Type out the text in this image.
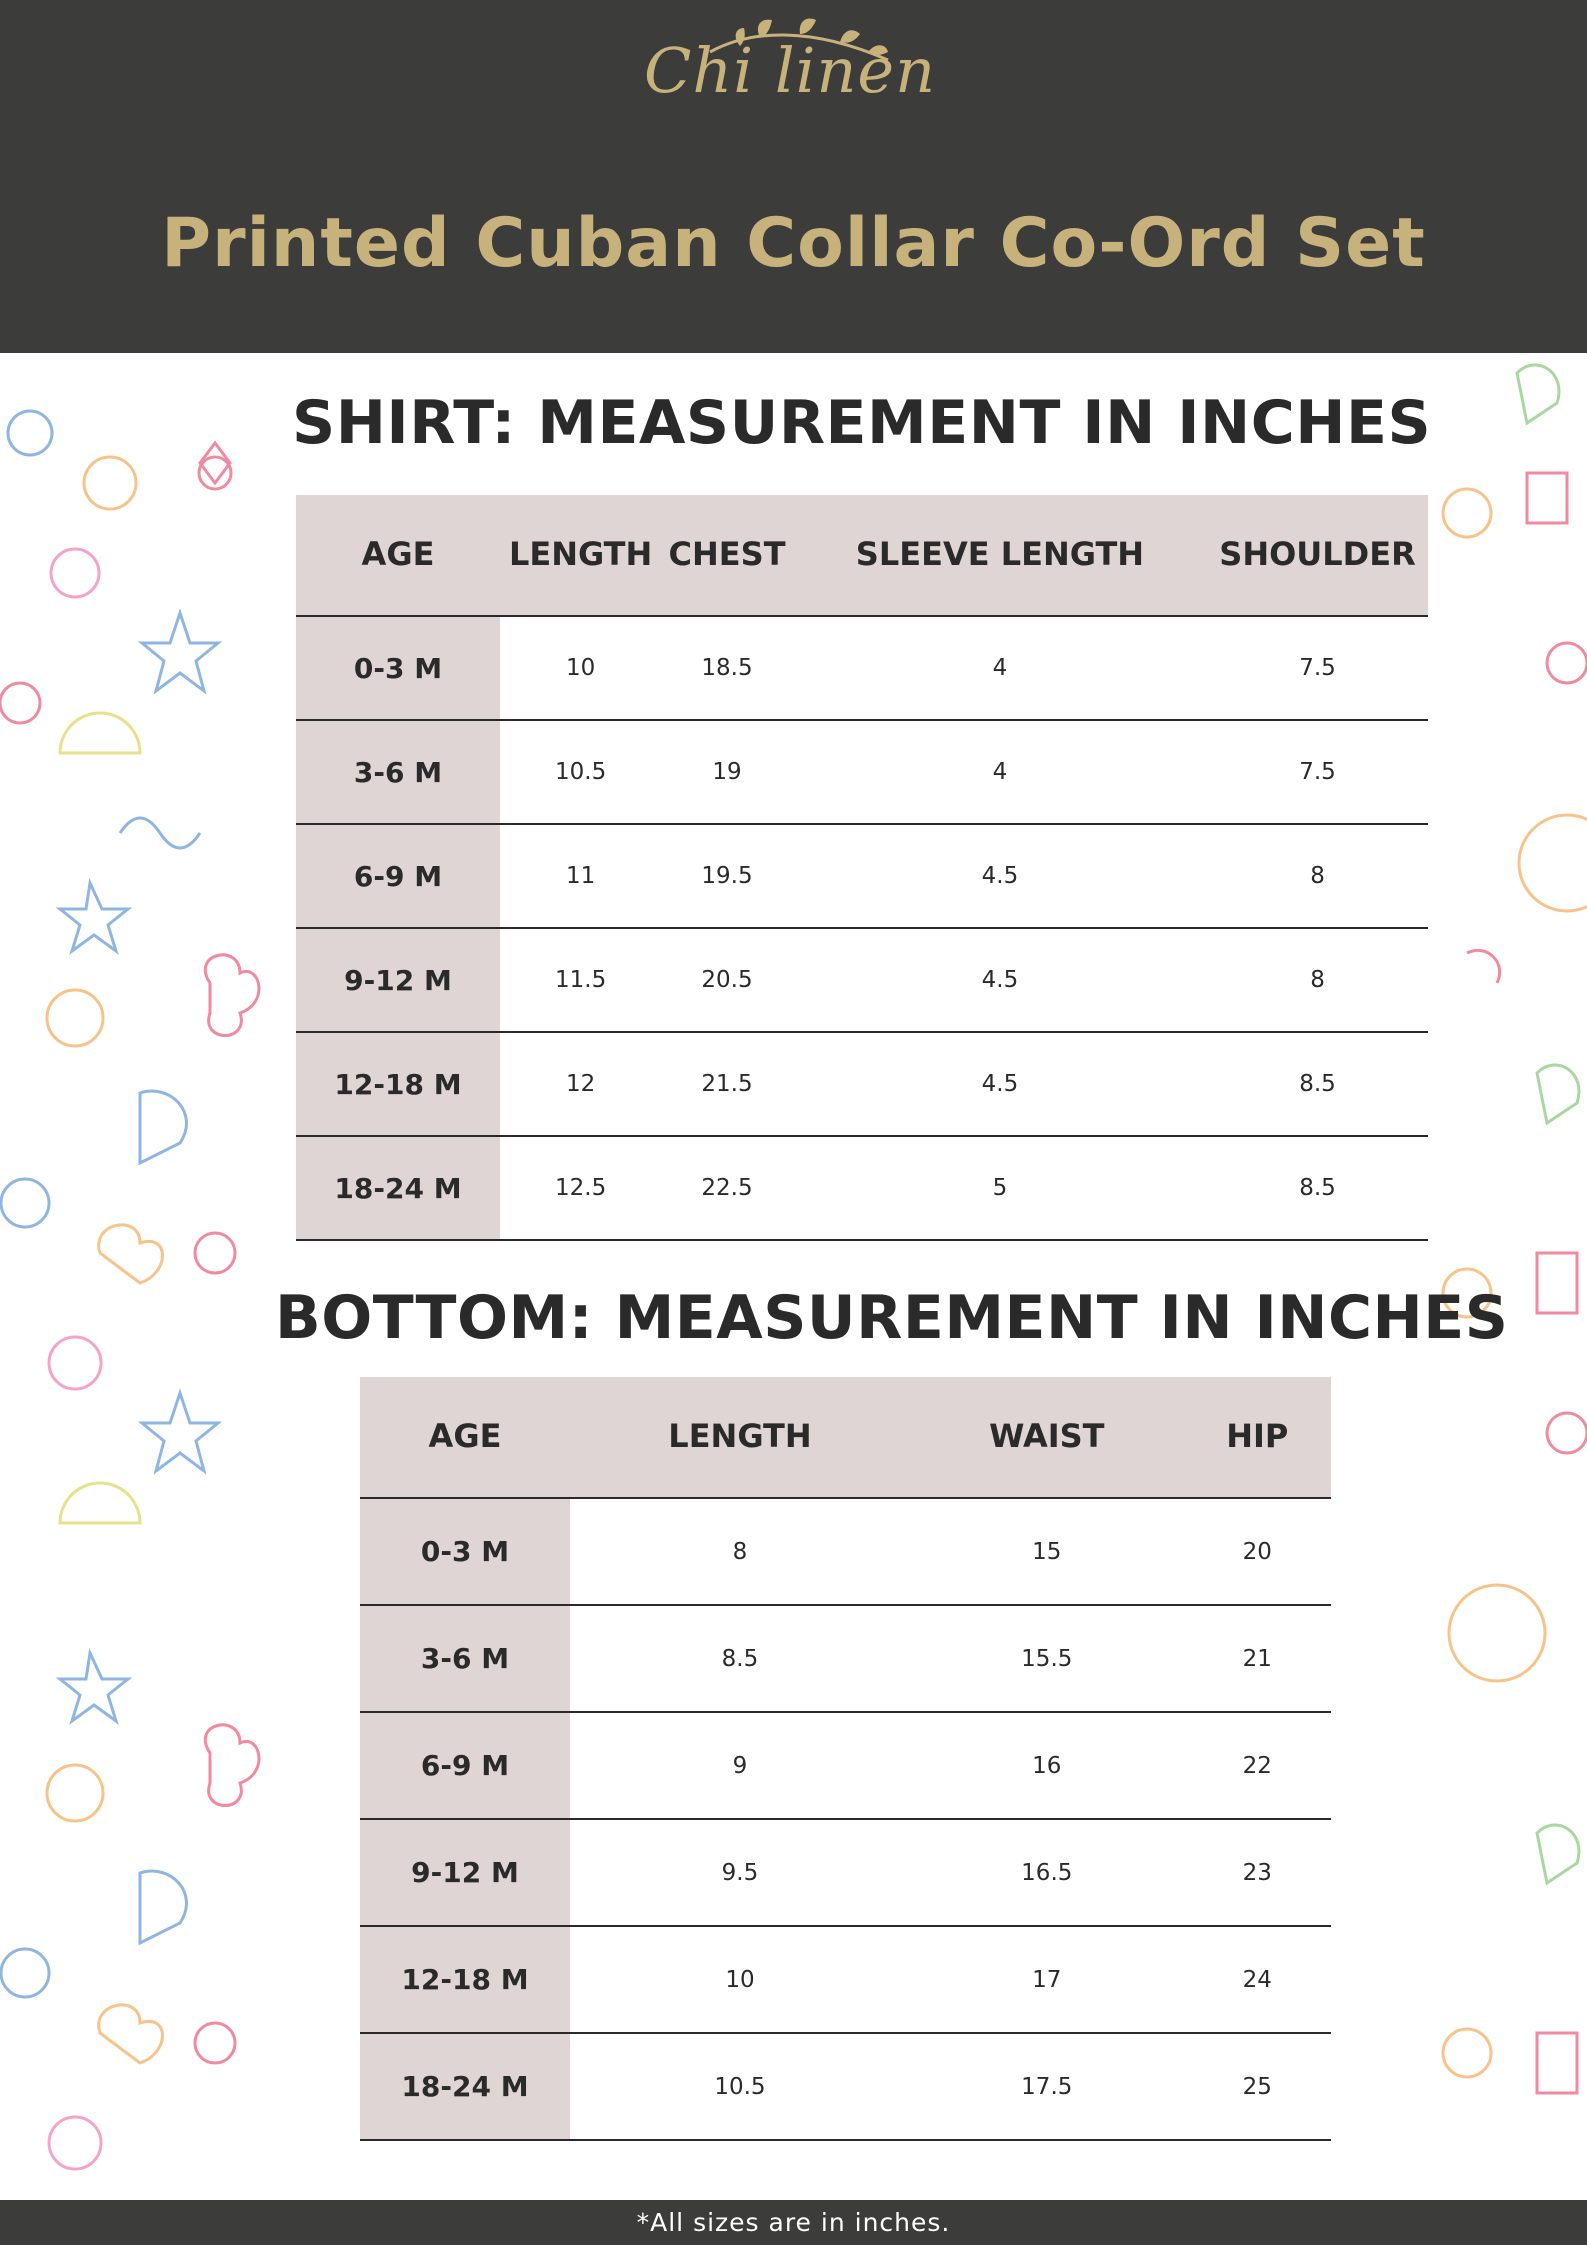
Chi linen
Printed Cuban Collar Co-Ord Set
SHIRT: MEASUREMENT IN INCHES
AGE	LENGTH	CHEST	SLEEVE LENGTH	SHOULDER
0-3 M	10	18.5	4	7.5
3-6 M	10.5	19	4	7.5
6-9 M	11	19.5	4.5	8
9-12 M	11.5	20.5	4.5	8
12-18 M	12	21.5	4.5	8.5
18-24 M	12.5	22.5	5	8.5
BOTTOM: MEASUREMENT IN INCHES
AGE	LENGTH	WAIST	HIP
0-3 M	8	15	20
3-6 M	8.5	15.5	21
6-9 M	9	16	22
9-12 M	9.5	16.5	23
12-18 M	10	17	24
18-24 M	10.5	17.5	25
*All sizes are in inches.
